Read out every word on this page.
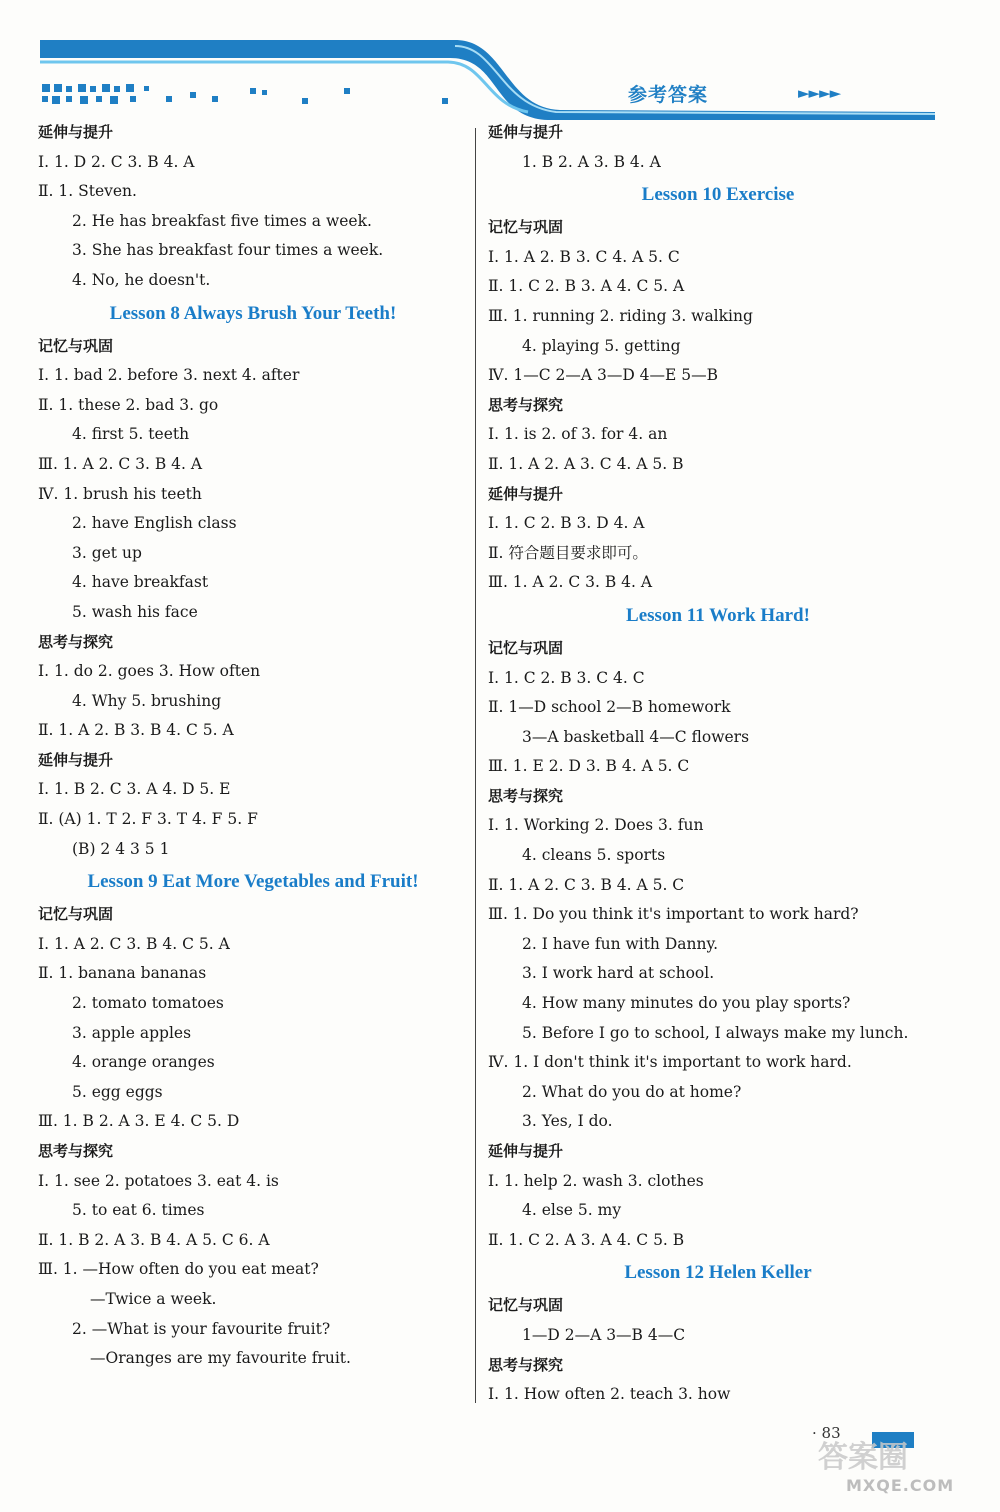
参考答案	►►►►
延伸与提升
Ⅰ. 1. D 2. C 3. B 4. A
Ⅱ. 1. Steven.
2. He has breakfast five times a week.
3. She has breakfast four times a week.
4. No, he doesn't.
Lesson 8 Always Brush Your Teeth!
记忆与巩固
Ⅰ. 1. bad 2. before 3. next 4. after
Ⅱ. 1. these 2. bad 3. go
4. first 5. teeth
Ⅲ. 1. A 2. C 3. B 4. A
Ⅳ. 1. brush his teeth
2. have English class
3. get up
4. have breakfast
5. wash his face
思考与探究
Ⅰ. 1. do 2. goes 3. How often
4. Why 5. brushing
Ⅱ. 1. A 2. B 3. B 4. C 5. A
延伸与提升
Ⅰ. 1. B 2. C 3. A 4. D 5. E
Ⅱ. (A) 1. T 2. F 3. T 4. F 5. F
(B) 2 4 3 5 1
Lesson 9 Eat More Vegetables and Fruit!
记忆与巩固
Ⅰ. 1. A 2. C 3. B 4. C 5. A
Ⅱ. 1. banana bananas
2. tomato tomatoes
3. apple apples
4. orange oranges
5. egg eggs
Ⅲ. 1. B 2. A 3. E 4. C 5. D
思考与探究
Ⅰ. 1. see 2. potatoes 3. eat 4. is
5. to eat 6. times
Ⅱ. 1. B 2. A 3. B 4. A 5. C 6. A
Ⅲ. 1. —How often do you eat meat?
—Twice a week.
2. —What is your favourite fruit?
—Oranges are my favourite fruit.
延伸与提升
1. B 2. A 3. B 4. A
Lesson 10 Exercise
记忆与巩固
Ⅰ. 1. A 2. B 3. C 4. A 5. C
Ⅱ. 1. C 2. B 3. A 4. C 5. A
Ⅲ. 1. running 2. riding 3. walking
4. playing 5. getting
Ⅳ. 1—C 2—A 3—D 4—E 5—B
思考与探究
Ⅰ. 1. is 2. of 3. for 4. an
Ⅱ. 1. A 2. A 3. C 4. A 5. B
延伸与提升
Ⅰ. 1. C 2. B 3. D 4. A
Ⅱ. 符合题目要求即可。
Ⅲ. 1. A 2. C 3. B 4. A
Lesson 11 Work Hard!
记忆与巩固
Ⅰ. 1. C 2. B 3. C 4. C
Ⅱ. 1—D school 2—B homework
3—A basketball 4—C flowers
Ⅲ. 1. E 2. D 3. B 4. A 5. C
思考与探究
Ⅰ. 1. Working 2. Does 3. fun
4. cleans 5. sports
Ⅱ. 1. A 2. C 3. B 4. A 5. C
Ⅲ. 1. Do you think it's important to work hard?
2. I have fun with Danny.
3. I work hard at school.
4. How many minutes do you play sports?
5. Before I go to school, I always make my lunch.
Ⅳ. 1. I don't think it's important to work hard.
2. What do you do at home?
3. Yes, I do.
延伸与提升
Ⅰ. 1. help 2. wash 3. clothes
4. else 5. my
Ⅱ. 1. C 2. A 3. A 4. C 5. B
Lesson 12 Helen Keller
记忆与巩固
1—D 2—A 3—B 4—C
思考与探究
Ⅰ. 1. How often 2. teach 3. how
· 83
答案圈
MXQE.COM
